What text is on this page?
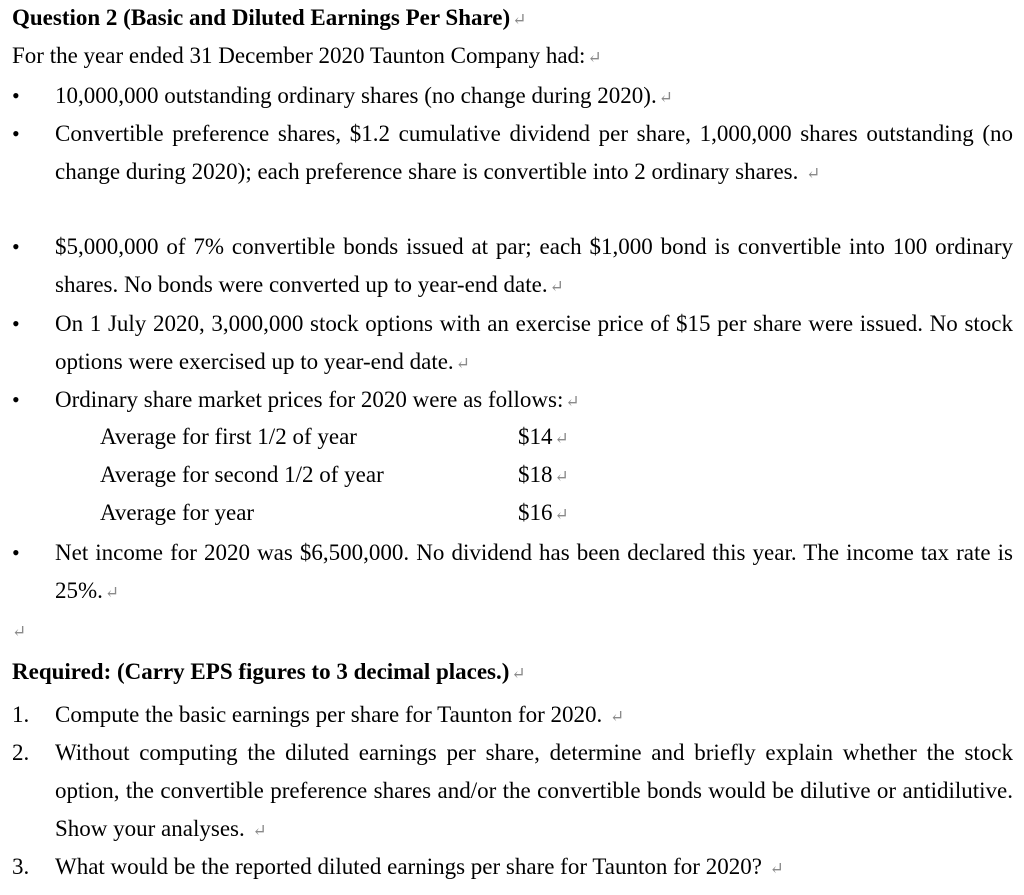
Question 2 (Basic and Diluted Earnings Per Share) ↵
For the year ended 31 December 2020 Taunton Company had: ↵
•	10,000,000 outstanding ordinary shares (no change during 2020). ↵
•	Convertible preference shares, $1.2 cumulative dividend per share, 1,000,000 shares outstanding (no change during 2020); each preference share is convertible into 2 ordinary shares. ↵
•	$5,000,000 of 7% convertible bonds issued at par; each $1,000 bond is convertible into 100 ordinary shares. No bonds were converted up to year-end date. ↵
•	On 1 July 2020, 3,000,000 stock options with an exercise price of $15 per share were issued. No stock options were exercised up to year-end date. ↵
•	Ordinary share market prices for 2020 were as follows: ↵
Average for first 1/2 of year	$14 ↵
Average for second 1/2 of year	$18 ↵
Average for year	$16 ↵
•	Net income for 2020 was $6,500,000. No dividend has been declared this year. The income tax rate is 25%. ↵
↵
Required: (Carry EPS figures to 3 decimal places.) ↵
1. Compute the basic earnings per share for Taunton for 2020. ↵
2. Without computing the diluted earnings per share, determine and briefly explain whether the stock option, the convertible preference shares and/or the convertible bonds would be dilutive or antidilutive. Show your analyses. ↵
3. What would be the reported diluted earnings per share for Taunton for 2020? ↵
